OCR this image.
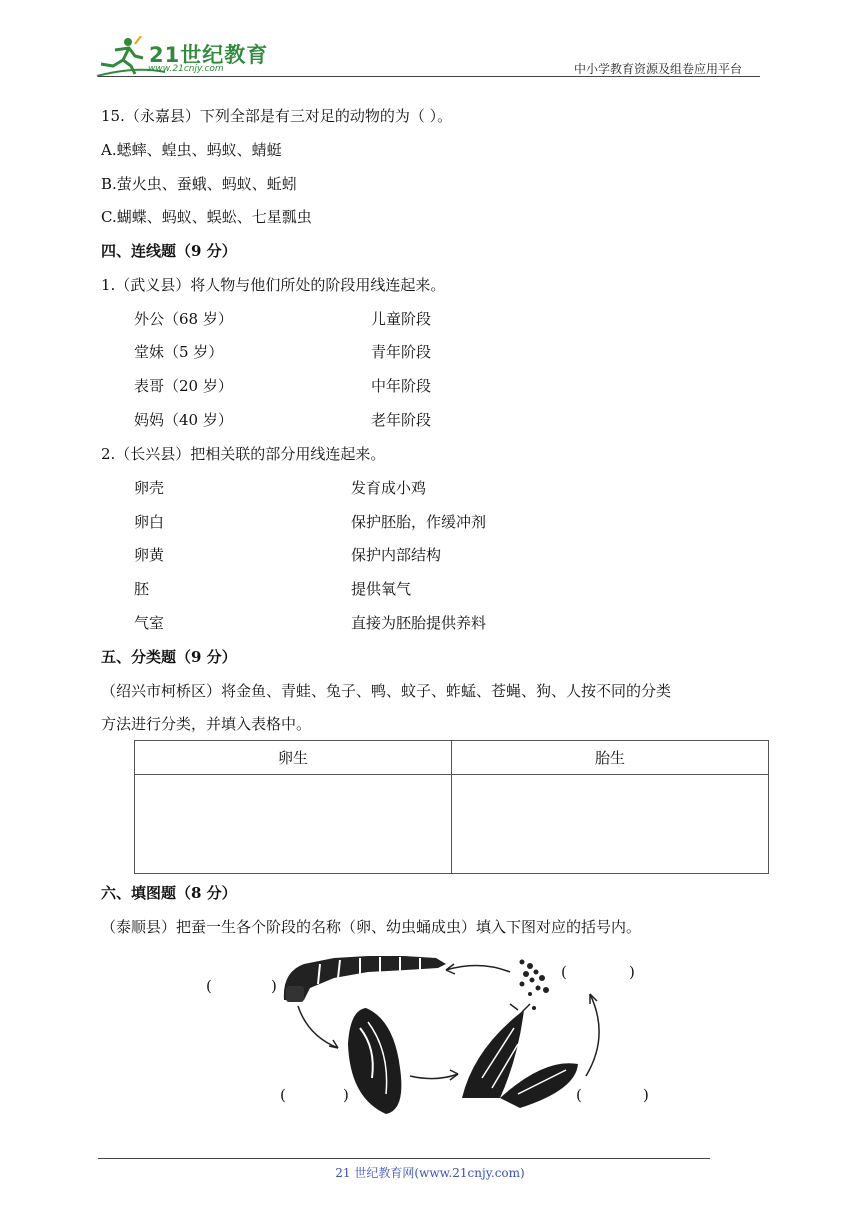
21世纪教育
www.21cnjy.com	中小学教育资源及组卷应用平台
15.（永嘉县）下列全部是有三对足的动物的为（ ）。
A.蟋蟀、蝗虫、蚂蚁、蜻蜓
B.萤火虫、蚕蛾、蚂蚁、蚯蚓
C.蝴蝶、蚂蚁、蜈蚣、七星瓢虫
四、连线题（9 分）
1.（武义县）将人物与他们所处的阶段用线连起来。
外公（68 岁）
堂妹（5 岁）
表哥（20 岁）
妈妈（40 岁）
儿童阶段
青年阶段
中年阶段
老年阶段
2.（长兴县）把相关联的部分用线连起来。
卵壳
卵白
卵黄
胚
气室
发育成小鸡
保护胚胎，作缓冲剂
保护内部结构
提供氧气
直接为胚胎提供养料
五、分类题（9 分）
（绍兴市柯桥区）将金鱼、青蛙、兔子、鸭、蚊子、蚱蜢、苍蝇、狗、人按不同的分类
方法进行分类，并填入表格中。
卵生	胎生

六、填图题（8 分）
（泰顺县）把蚕一生各个阶段的名称（卵、幼虫蛹成虫）填入下图对应的括号内。
(	)
(	)
(	)	(	)
21 世纪教育网(www.21cnjy.com)
